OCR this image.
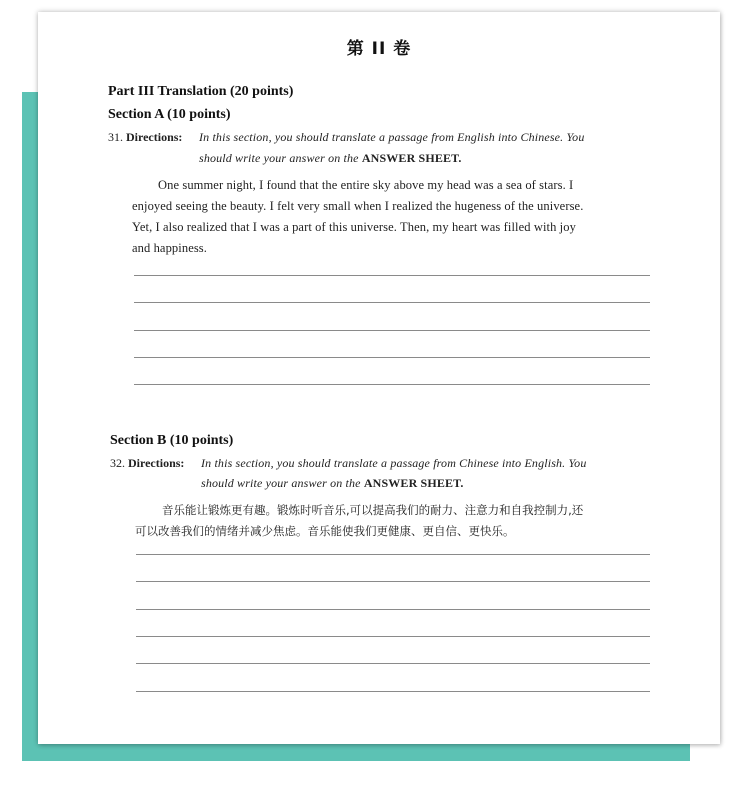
第 II 卷
Part III Translation (20 points)
Section A (10 points)
31. Directions: In this section, you should translate a passage from English into Chinese. You
should write your answer on the ANSWER SHEET.
One summer night, I found that the entire sky above my head was a sea of stars. I
enjoyed seeing the beauty. I felt very small when I realized the hugeness of the universe.
Yet, I also realized that I was a part of this universe. Then, my heart was filled with joy
and happiness.
Section B (10 points)
32. Directions: In this section, you should translate a passage from Chinese into English. You
should write your answer on the ANSWER SHEET.
音乐能让锻炼更有趣。锻炼时听音乐,可以提高我们的耐力、注意力和自我控制力,还
可以改善我们的情绪并减少焦虑。音乐能使我们更健康、更自信、更快乐。
